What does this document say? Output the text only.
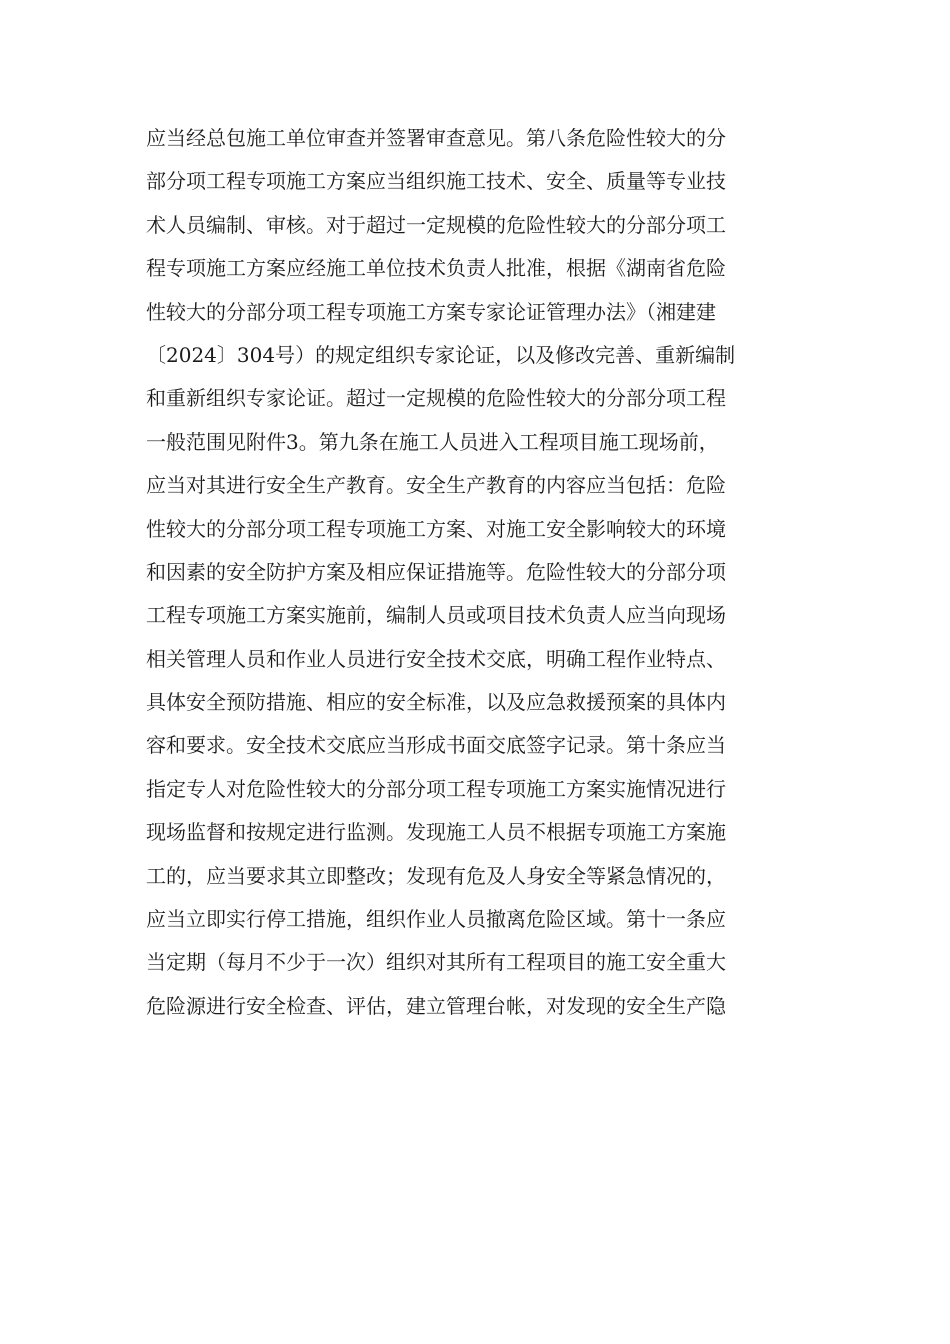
应当经总包施工单位审查并签署审查意见。第八条危险性较大的分
部分项工程专项施工方案应当组织施工技术、安全、质量等专业技
术人员编制、审核。对于超过一定规模的危险性较大的分部分项工
程专项施工方案应经施工单位技术负责人批准，根据《湖南省危险
性较大的分部分项工程专项施工方案专家论证管理办法》（湘建建
〔2024〕304号）的规定组织专家论证，以及修改完善、重新编制
和重新组织专家论证。超过一定规模的危险性较大的分部分项工程
一般范围见附件3。第九条在施工人员进入工程项目施工现场前，
应当对其进行安全生产教育。安全生产教育的内容应当包括：危险
性较大的分部分项工程专项施工方案、对施工安全影响较大的环境
和因素的安全防护方案及相应保证措施等。危险性较大的分部分项
工程专项施工方案实施前，编制人员或项目技术负责人应当向现场
相关管理人员和作业人员进行安全技术交底，明确工程作业特点、
具体安全预防措施、相应的安全标准，以及应急救援预案的具体内
容和要求。安全技术交底应当形成书面交底签字记录。第十条应当
指定专人对危险性较大的分部分项工程专项施工方案实施情况进行
现场监督和按规定进行监测。发现施工人员不根据专项施工方案施
工的，应当要求其立即整改；发现有危及人身安全等紧急情况的，
应当立即实行停工措施，组织作业人员撤离危险区域。第十一条应
当定期（每月不少于一次）组织对其所有工程项目的施工安全重大
危险源进行安全检查、评估，建立管理台帐，对发现的安全生产隐
